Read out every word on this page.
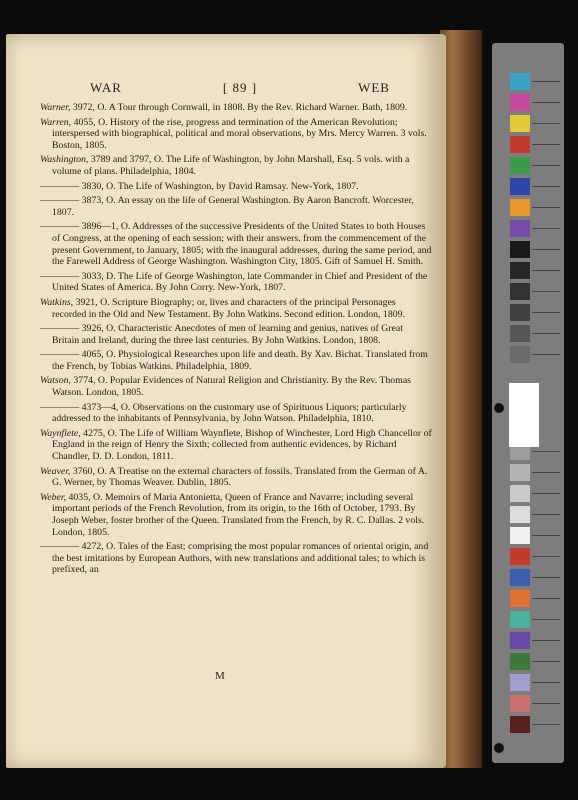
WAR	[ 89 ]	WEB

Warner, 3972, O. A Tour through Cornwall, in 1808. By the Rev. Richard Warner. Bath, 1809.

Warren, 4055, O. History of the rise, progress and termination of the American Revolution; interspersed with biographical, political and moral observations, by Mrs. Mercy Warren. 3 vols. Boston, 1805.

Washington, 3789 and 3797, O. The Life of Washington, by John Marshall, Esq. 5 vols. with a volume of plans. Philadelphia, 1804.

———— 3830, O. The Life of Washington, by David Ramsay. New-York, 1807.

———— 3873, O. An essay on the life of General Washington. By Aaron Bancroft. Worcester, 1807.

———— 3896—1, O. Addresses of the successive Presidents of the United States to both Houses of Congress, at the opening of each session; with their answers. from the commencement of the present Government, to January, 1805; with the inaugural addresses, during the same period, and the Farewell Address of George Washington. Washington City, 1805. Gift of Samuel H. Smith.

———— 3033, D. The Life of George Washington, late Commander in Chief and President of the United States of America. By John Corry. New-York, 1807.

Watkins, 3921, O. Scripture Biography; or, lives and characters of the principal Personages recorded in the Old and New Testament. By John Watkins. Second edition. London, 1809.

———— 3926, O. Characteristic Anecdotes of men of learning and genius, natives of Great Britain and Ireland, during the three last centuries. By John Watkins. London, 1808.

———— 4065, O. Physiological Researches upon life and death. By Xav. Bichat. Translated from the French, by Tobias Watkins. Philadelphia, 1809.

Watson, 3774, O. Popular Evidences of Natural Religion and Christianity. By the Rev. Thomas Watson. London, 1805.

———— 4373—4, O. Observations on the customary use of Spirituous Liquors; particularly addressed to the inhabitants of Pennsylvania, by John Watson. Philadelphia, 1810.

Waynflete, 4275, O. The Life of William Waynflete, Bishop of Winchester, Lord High Chancellor of England in the reign of Henry the Sixth; collected from authentic evidences, by Richard Chandler, D. D. London, 1811.

Weaver, 3760, O. A Treatise on the external characters of fossils. Translated from the German of A. G. Werner, by Thomas Weaver. Dublin, 1805.

Weber, 4035, O. Memoirs of Maria Antonietta, Queen of France and Navarre; including several important periods of the French Revolution, from its origin, to the 16th of October, 1793. By Joseph Weber, foster brother of the Queen. Translated from the French, by R. C. Dallas. 2 vols. London, 1805.

———— 4272, O. Tales of the East; comprising the most popular romances of oriental origin, and the best imitations by European Authors, with new translations and additional tales; to which is prefixed, an

M
